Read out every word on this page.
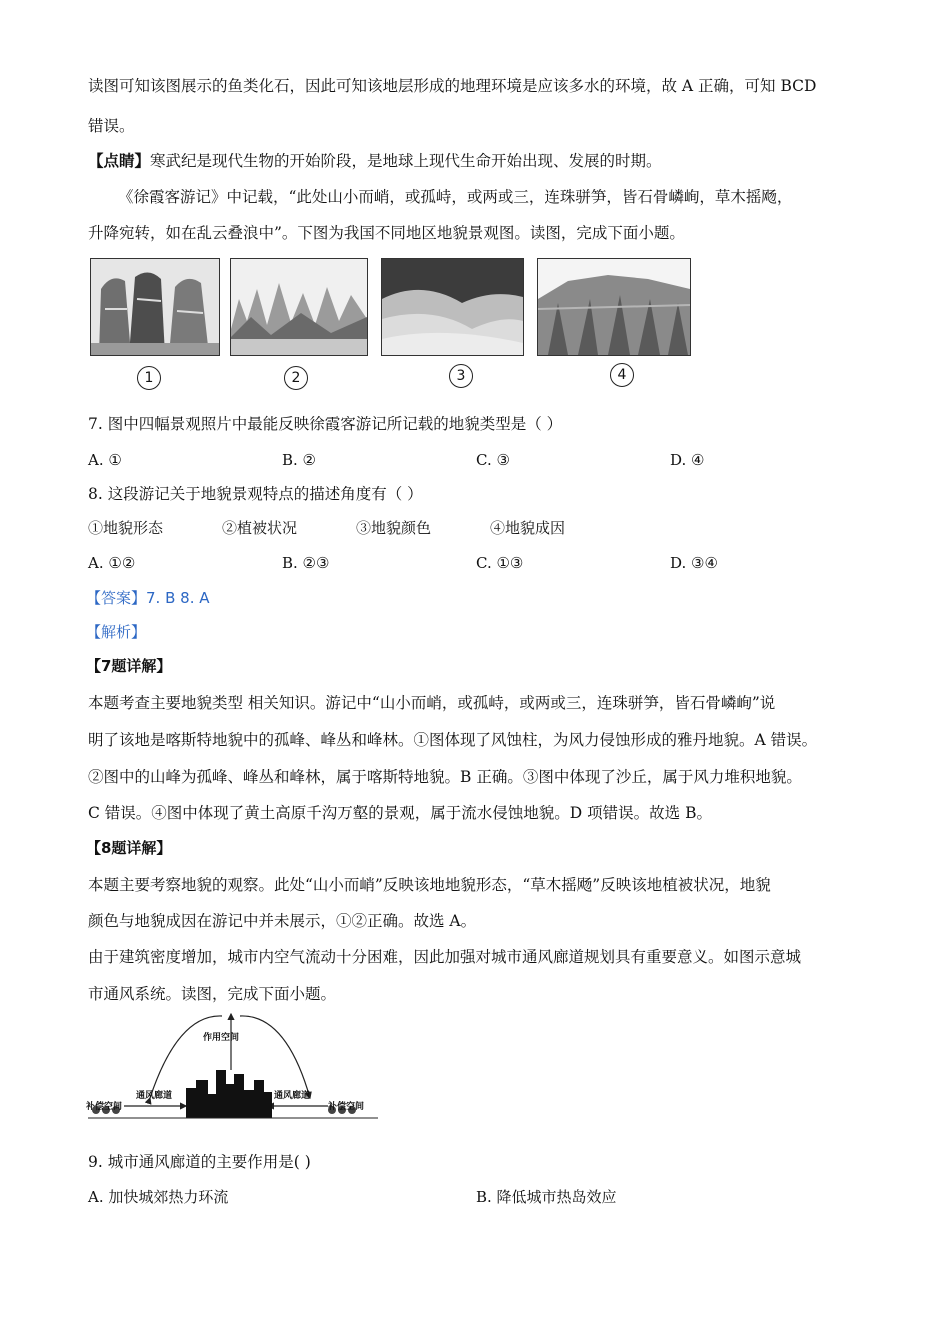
读图可知该图展示的鱼类化石，因此可知该地层形成的地理环境是应该多水的环境，故 A 正确，可知 BCD
错误。
【点睛】寒武纪是现代生物的开始阶段，是地球上现代生命开始出现、发展的时期。
《徐霞客游记》中记载，“此处山小而峭，或孤峙，或两或三，连珠骈笋，皆石骨嶙峋，草木摇飏，
升降宛转，如在乱云叠浪中”。下图为我国不同地区地貌景观图。读图，完成下面小题。
1	2	3	4
7. 图中四幅景观照片中最能反映徐霞客游记所记载的地貌类型是（ ）
A. ①	B. ②	C. ③	D. ④
8. 这段游记关于地貌景观特点的描述角度有（ ）
①地貌形态	②植被状况	③地貌颜色	④地貌成因
A. ①②	B. ②③	C. ①③	D. ③④
【答案】7. B 8. A
【解析】
【7题详解】
本题考查主要地貌类型 相关知识。游记中“山小而峭，或孤峙，或两或三，连珠骈笋，皆石骨嶙峋”说
明了该地是喀斯特地貌中的孤峰、峰丛和峰林。①图体现了风蚀柱，为风力侵蚀形成的雅丹地貌。A 错误。
②图中的山峰为孤峰、峰丛和峰林，属于喀斯特地貌。B 正确。③图中体现了沙丘，属于风力堆积地貌。
C 错误。④图中体现了黄土高原千沟万壑的景观，属于流水侵蚀地貌。D 项错误。故选 B。
【8题详解】
本题主要考察地貌的观察。此处“山小而峭”反映该地地貌形态，“草木摇飏”反映该地植被状况，地貌
颜色与地貌成因在游记中并未展示，①②正确。故选 A。
由于建筑密度增加，城市内空气流动十分困难，因此加强对城市通风廊道规划具有重要意义。如图示意城
市通风系统。读图，完成下面小题。
作用空间
通风廊道	通风廊道
补偿空间	补偿空间
9. 城市通风廊道的主要作用是( )
A. 加快城郊热力环流	B. 降低城市热岛效应
